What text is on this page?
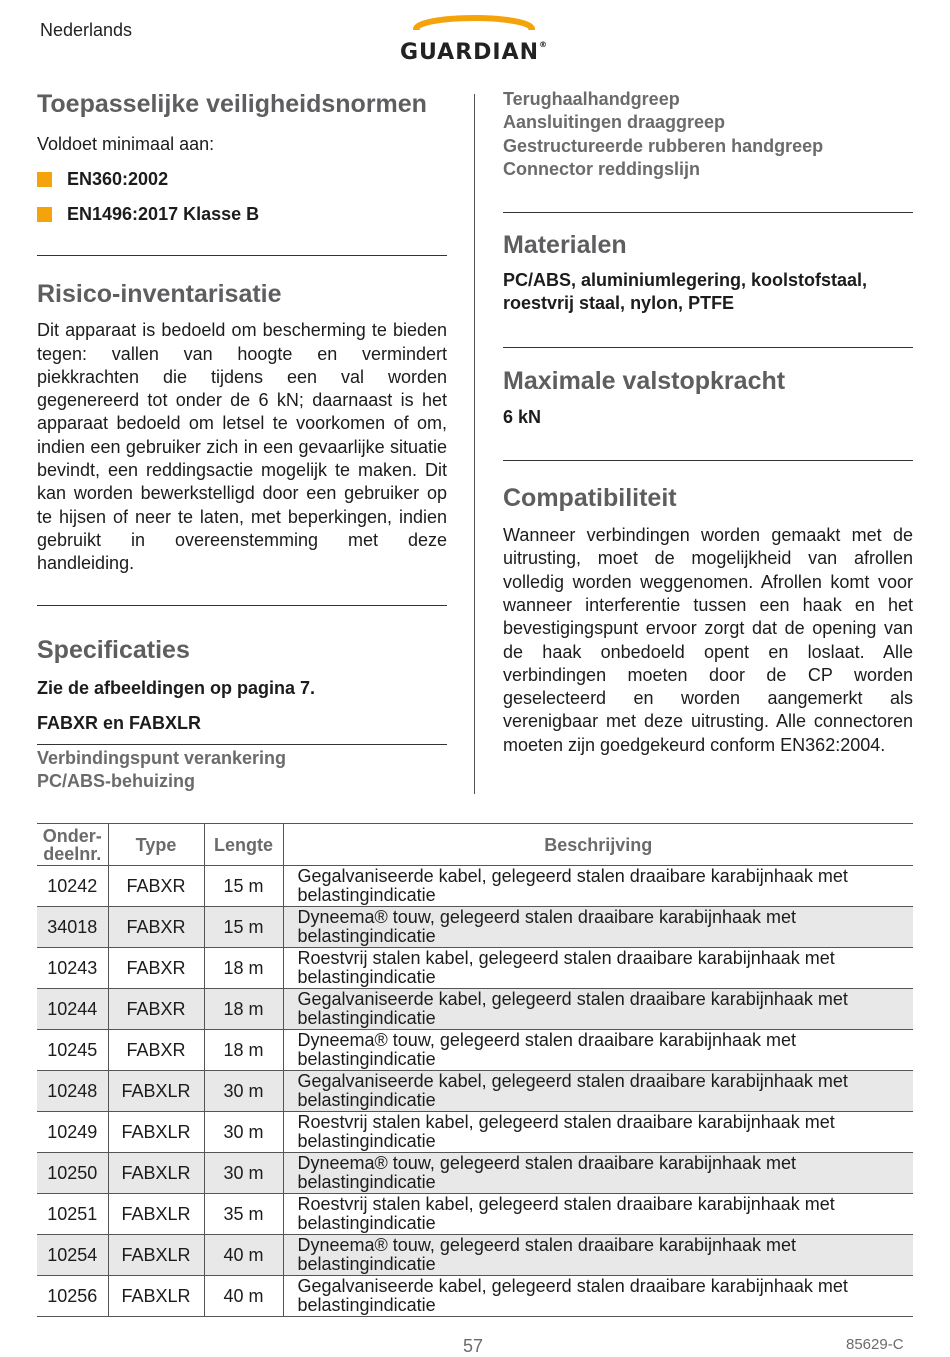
Nederlands
GUARDIAN®
Toepasselijke veiligheidsnormen
Voldoet minimaal aan:
EN360:2002
EN1496:2017 Klasse B
Risico-inventarisatie
Dit apparaat is bedoeld om bescherming te bieden tegen: vallen van hoogte en vermindert piekkrachten die tijdens een val worden gegenereerd tot onder de 6 kN; daarnaast is het apparaat bedoeld om letsel te voorkomen of om, indien een gebruiker zich in een gevaarlijke situatie bevindt, een reddingsactie mogelijk te maken. Dit kan worden bewerkstelligd door een gebruiker op te hijsen of neer te laten, met beperkingen, indien gebruikt in overeenstemming met deze handleiding.
Specificaties
Zie de afbeeldingen op pagina 7.
FABXR en FABXLR
Verbindingspunt verankering
PC/ABS-behuizing
Terughaalhandgreep
Aansluitingen draaggreep
Gestructureerde rubberen handgreep
Connector reddingslijn
Materialen
PC/ABS, aluminiumlegering, koolstofstaal, roestvrij staal, nylon, PTFE
Maximale valstopkracht
6 kN
Compatibiliteit
Wanneer verbindingen worden gemaakt met de uitrusting, moet de mogelijkheid van afrollen volledig worden weggenomen. Afrollen komt voor wanneer interferentie tussen een haak en het bevestigingspunt ervoor zorgt dat de opening van de haak onbedoeld opent en loslaat. Alle verbindingen moeten door de CP worden geselecteerd en worden aangemerkt als verenigbaar met deze uitrusting. Alle connectoren moeten zijn goedgekeurd conform EN362:2004.
Onder-
deelnr.	Type	Lengte	Beschrijving
10242	FABXR	15 m	Gegalvaniseerde kabel, gelegeerd stalen draaibare karabijnhaak met
belastingindicatie

34018	FABXR	15 m	Dyneema® touw, gelegeerd stalen draaibare karabijnhaak met
belastingindicatie

10243	FABXR	18 m	Roestvrij stalen kabel, gelegeerd stalen draaibare karabijnhaak met
belastingindicatie

10244	FABXR	18 m	Gegalvaniseerde kabel, gelegeerd stalen draaibare karabijnhaak met
belastingindicatie

10245	FABXR	18 m	Dyneema® touw, gelegeerd stalen draaibare karabijnhaak met
belastingindicatie

10248	FABXLR	30 m	Gegalvaniseerde kabel, gelegeerd stalen draaibare karabijnhaak met
belastingindicatie

10249	FABXLR	30 m	Roestvrij stalen kabel, gelegeerd stalen draaibare karabijnhaak met
belastingindicatie

10250	FABXLR	30 m	Dyneema® touw, gelegeerd stalen draaibare karabijnhaak met
belastingindicatie

10251	FABXLR	35 m	Roestvrij stalen kabel, gelegeerd stalen draaibare karabijnhaak met
belastingindicatie

10254	FABXLR	40 m	Dyneema® touw, gelegeerd stalen draaibare karabijnhaak met
belastingindicatie

10256	FABXLR	40 m	Gegalvaniseerde kabel, gelegeerd stalen draaibare karabijnhaak met
belastingindicatie
57	85629-C
